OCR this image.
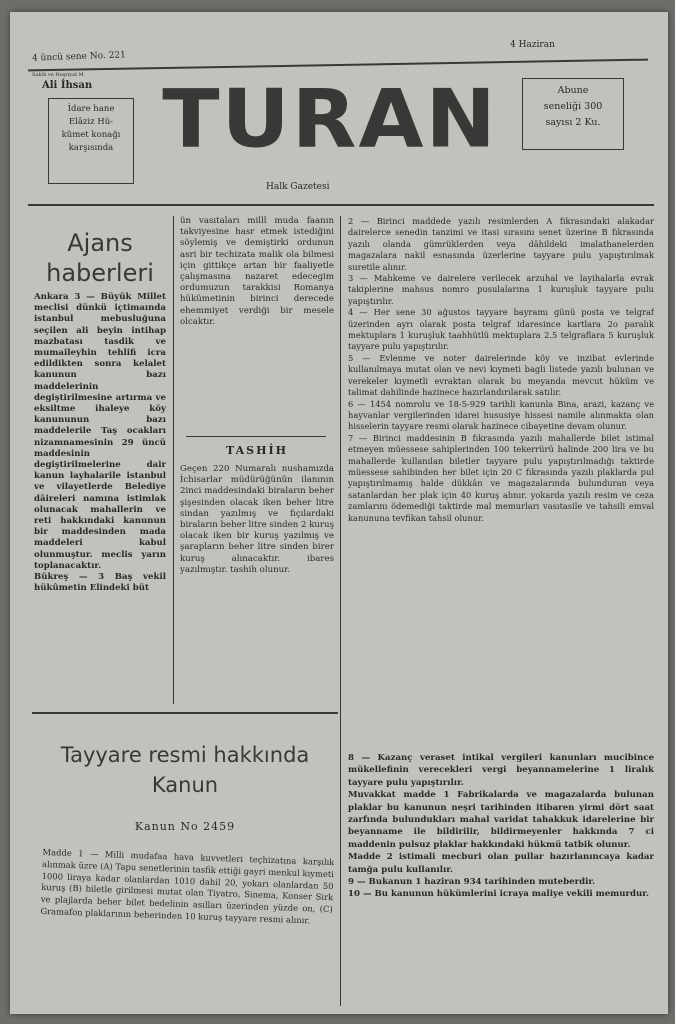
4 üncü sene No. 221
4 Haziran
Sahib ve Neşriyat M
Ali İhsan
İdare hane
Elâziz Hü-
kûmet konağı
karşısında TURAN	Abune
seneliği 300
sayısı 2 Ku.
Halk Gazetesi
Ajans
haberleri

Ankara 3 — Büyük Millet meclisi dünkü içtimaında istanbul mebusluğuna seçilen ali beyin intihap mazbatası tasdik ve mumaileyhin tehlifi icra edildikten sonra kelalet kanunun bazı maddelerinin degiştirilmesine artırma ve eksiltme ihaleye köy kanununun bazı maddelerile Taş ocakları nizamnamesinin 29 üncü maddesinin degiştirilmelerine dair kanun layhalarile istanbul ve vilayetlerde Belediye dâireleri namına istimlak olunacak mahallerin ve reti hakkındaki kanunun bir maddesinden mada maddeleri kabul olunmuştur. meclis yarın toplanacaktır.

Bükreş — 3 Baş vekil hükûmetin Elindeki büt

ün vasıtaları millî muda faanın takviyesine hasr etmek istediğini söylemiş ve demiştirki ordunun asri bir techizata malik ola bilmesi için gittikçe artan bir faaliyetle çalışmasına nazaret edecegim ordumuzun tarakkisi Romanya hükümetinin birinci derecede ehemmiyet verdiği bir mesele olcaktır.

TASHİH
Geçen 220 Numaralı nushamızda İchisarlar müdürüğünün ilanının 2inci maddesindaki biraların beher şişesinden olacak iken beher litre sindan yazılmış ve fıçılardaki biraların beher litre sinden 2 kuruş olacak iken bir kuruş yazılmış ve şarapların beher litre sinden birer kuruş alınacaktır. ibares yazılmıştır. tashih olunur.
Tayyare resmi hakkında
Kanun
Kanun No 2459
Madde 1 — Milli mudafaa hava kuvvetleri teçhizatına karşılık alınmak üzre (A) Tapu senetlerinin tasfik ettiği gayri menkul kıymeti 1000 liraya kadar olanlardan 1010 dahil 20, yokarı olanlardan 50 kuruş (B) biletle girilmesi mutat olan Tiyatro, Sinema, Konser Sirk ve plajlarda beher bilet bedelinin asılları üzerinden yüzde on, (C) Gramafon plaklarının beherinden 10 kuruş tayyare resmi alınır.
2 — Birinci maddede yazılı resimlerden A fıkrasındaki alakadar dairelerce senedin tanzimi ve itasi sırasını senet üzerine B fıkrasında yazılı olanda gümrüklerden veya dâhildeki imalathanelerden magazalara nakil esnasında üzerlerine tayyare pulu yapıştırılmak suretile alınır.
3 — Mahkeme ve dairelere verilecek arzuhal ve layihalarla evrak takiplerine mahsus nomro pusulalarına 1 kuruşluk tayyare pulu yapıştırılır.
4 — Her sene 30 ağustos tayyare bayramı günü posta ve telgraf üzerinden ayrı olarak posta telgraf idaresince kartlara 2o paralık mektuplara 1 kuruşluk taahhütlü mektuplara 2.5 telgraflara 5 kuruşluk tayyare pulu yapıştırılır.
5 — Evlenme ve noter dairelerinde köy ve inzibat evlerinde kullanılmaya mutat olan ve nevi kıymeti bagli listede yazılı bulunan ve verekeler kıymetli evraktan olarak bu meyanda mevcut hüküm ve talimat dahilinde hazinece hazırlandırılarak satılır.
6 — 1454 nomrolu ve 18-5-929 tarihli kanunla Bina, arazi, kazanç ve hayvanlar vergilerinden idarei hususiye hissesi namile alınmakta olan hisselerin tayyare resmi olarak hazinece cibayetine devam olunur.
7 — Birinci maddesinin B fıkrasında yazılı mahallerde bilet istimal etmeyen müessese sahiplerinden 100 tekerrürü halinde 200 lira ve bu mahallerde kullanılan biletler tayyare pulu yapıştırılmadığı taktirde müessese sahibinden her bilet için 20 C fıkrasında yazılı plaklarda pul yapıştırılmamış halde dükkân ve magazalarında bulunduran veya satanlardan her plak için 40 kuruş alınır. yokarda yazılı resim ve ceza zamlarını ödemediği taktirde mal memurları vasıtasile ve tahsili emval kanununa tevfikan tahsil olunur.
8 — Kazanç veraset intikal vergileri kanunları mucibince mükellefinin verecekleri vergi beyannamelerine 1 liralık tayyare pulu yapıştırılır.
Muvakkat madde 1 Fabrikalarda ve magazalarda bulunan plaklar bu kanunun neşri tarihinden itibaren yirmi dört saat zarfında bulundukları mahal varidat tahakkuk idarelerine bir beyanname ile bildirilir, bildirmeyenler hakkında 7 ci maddenin pulsuz plaklar hakkındaki hükmü tatbik olunur.
Madde 2 istimali mecburi olan pullar hazırlanıncaya kadar tamğa pulu kullanılır.
9 — Bukanun 1 haziran 934 tarihinden muteberdir.
10 — Bu kanunun hükümlerini icraya maliye vekili memurdur.
